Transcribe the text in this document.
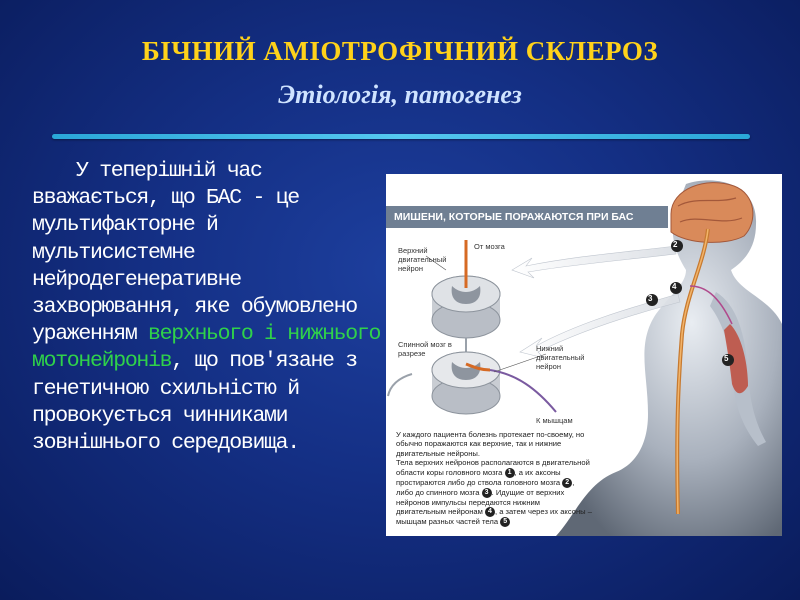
БІЧНИЙ АМІОТРОФІЧНИЙ СКЛЕРОЗ
Этіологія, патогенез
У теперішній час вважається, що БАС - це мультифакторне й мультисистемне нейродегенеративне захворювання, яке обумовлено ураженням верхнього і нижнього мотонейронів, що пов'язане з генетичною схильністю й провокується чинниками зовнішнього середовища.
2
3
4
5
МИШЕНИ, КОТОРЫЕ ПОРАЖАЮТСЯ ПРИ БАС
Верхний двигательный нейрон
От мозга
Спинной мозг в разрезе
Нижний двигательный нейрон
К мышцам
У каждого пациента болезнь протекает по-своему, но обычно поражаются как верхние, так и нижние двигательные нейроны.
Тела верхних нейронов располагаются в двигательной области коры головного мозга 1 , а их аксоны простираются либо до ствола головного мозга 2 , либо до спинного мозга 3 . Идущие от верхних нейронов импульсы передаются нижним двигательным нейронам 4 , а затем через их аксоны – мышцам разных частей тела 5
